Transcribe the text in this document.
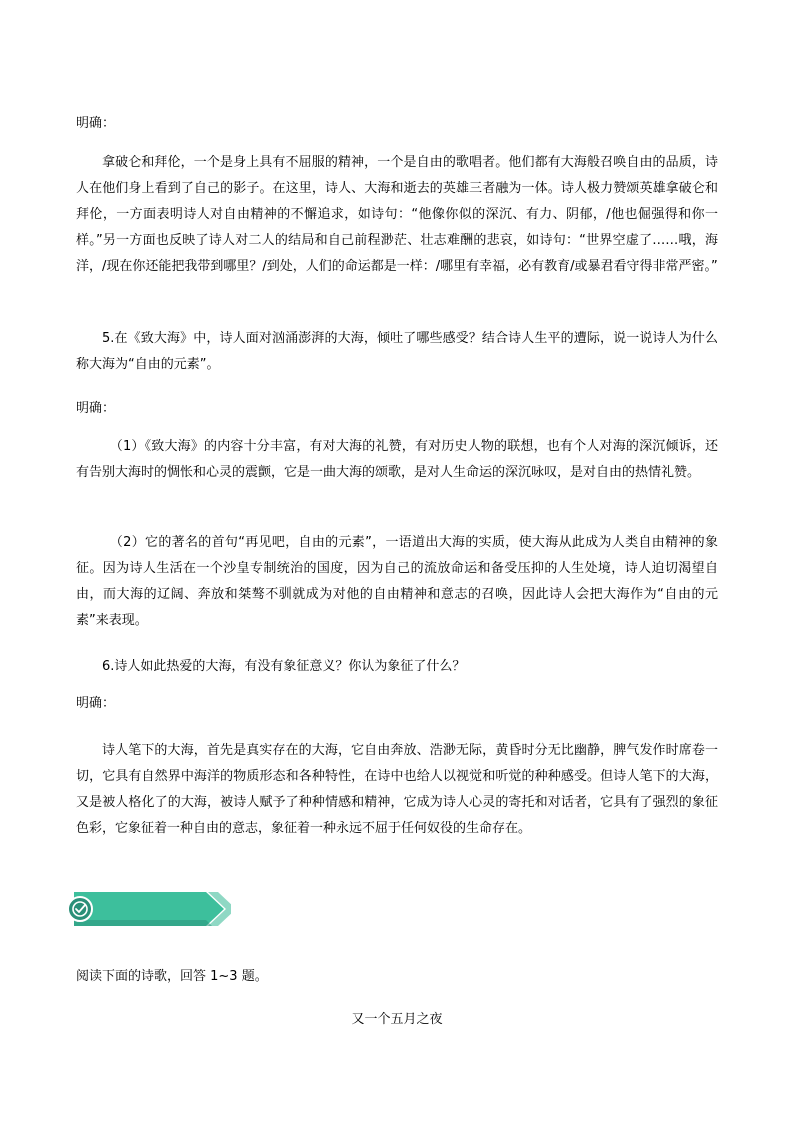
明确：
拿破仑和拜伦，一个是身上具有不屈服的精神，一个是自由的歌唱者。他们都有大海般召唤自由的品质，诗人在他们身上看到了自己的影子。在这里，诗人、大海和逝去的英雄三者融为一体。诗人极力赞颂英雄拿破仑和拜伦，一方面表明诗人对自由精神的不懈追求，如诗句：“他像你似的深沉、有力、阴郁，/他也倔强得和你一样。”另一方面也反映了诗人对二人的结局和自己前程渺茫、壮志难酬的悲哀，如诗句：“世界空虚了……哦，海洋，/现在你还能把我带到哪里？/到处，人们的命运都是一样：/哪里有幸福，必有教育/或暴君看守得非常严密。”
5.在《致大海》中，诗人面对汹涌澎湃的大海，倾吐了哪些感受？结合诗人生平的遭际，说一说诗人为什么称大海为“自由的元素”。
明确：
（1）《致大海》的内容十分丰富，有对大海的礼赞，有对历史人物的联想，也有个人对海的深沉倾诉，还有告别大海时的惆怅和心灵的震颤，它是一曲大海的颂歌，是对人生命运的深沉咏叹，是对自由的热情礼赞。
（2）它的著名的首句“再见吧，自由的元素”，一语道出大海的实质，使大海从此成为人类自由精神的象征。因为诗人生活在一个沙皇专制统治的国度，因为自己的流放命运和备受压抑的人生处境，诗人迫切渴望自由，而大海的辽阔、奔放和桀骜不驯就成为对他的自由精神和意志的召唤，因此诗人会把大海作为“自由的元素”来表现。
6.诗人如此热爱的大海，有没有象征意义？你认为象征了什么？
明确：
诗人笔下的大海，首先是真实存在的大海，它自由奔放、浩渺无际，黄昏时分无比幽静，脾气发作时席卷一切，它具有自然界中海洋的物质形态和各种特性，在诗中也给人以视觉和听觉的种种感受。但诗人笔下的大海，又是被人格化了的大海，被诗人赋予了种种情感和精神，它成为诗人心灵的寄托和对话者，它具有了强烈的象征色彩，它象征着一种自由的意志，象征着一种永远不屈于任何奴役的生命存在。
阅读下面的诗歌，回答 1~3 题。
又一个五月之夜
